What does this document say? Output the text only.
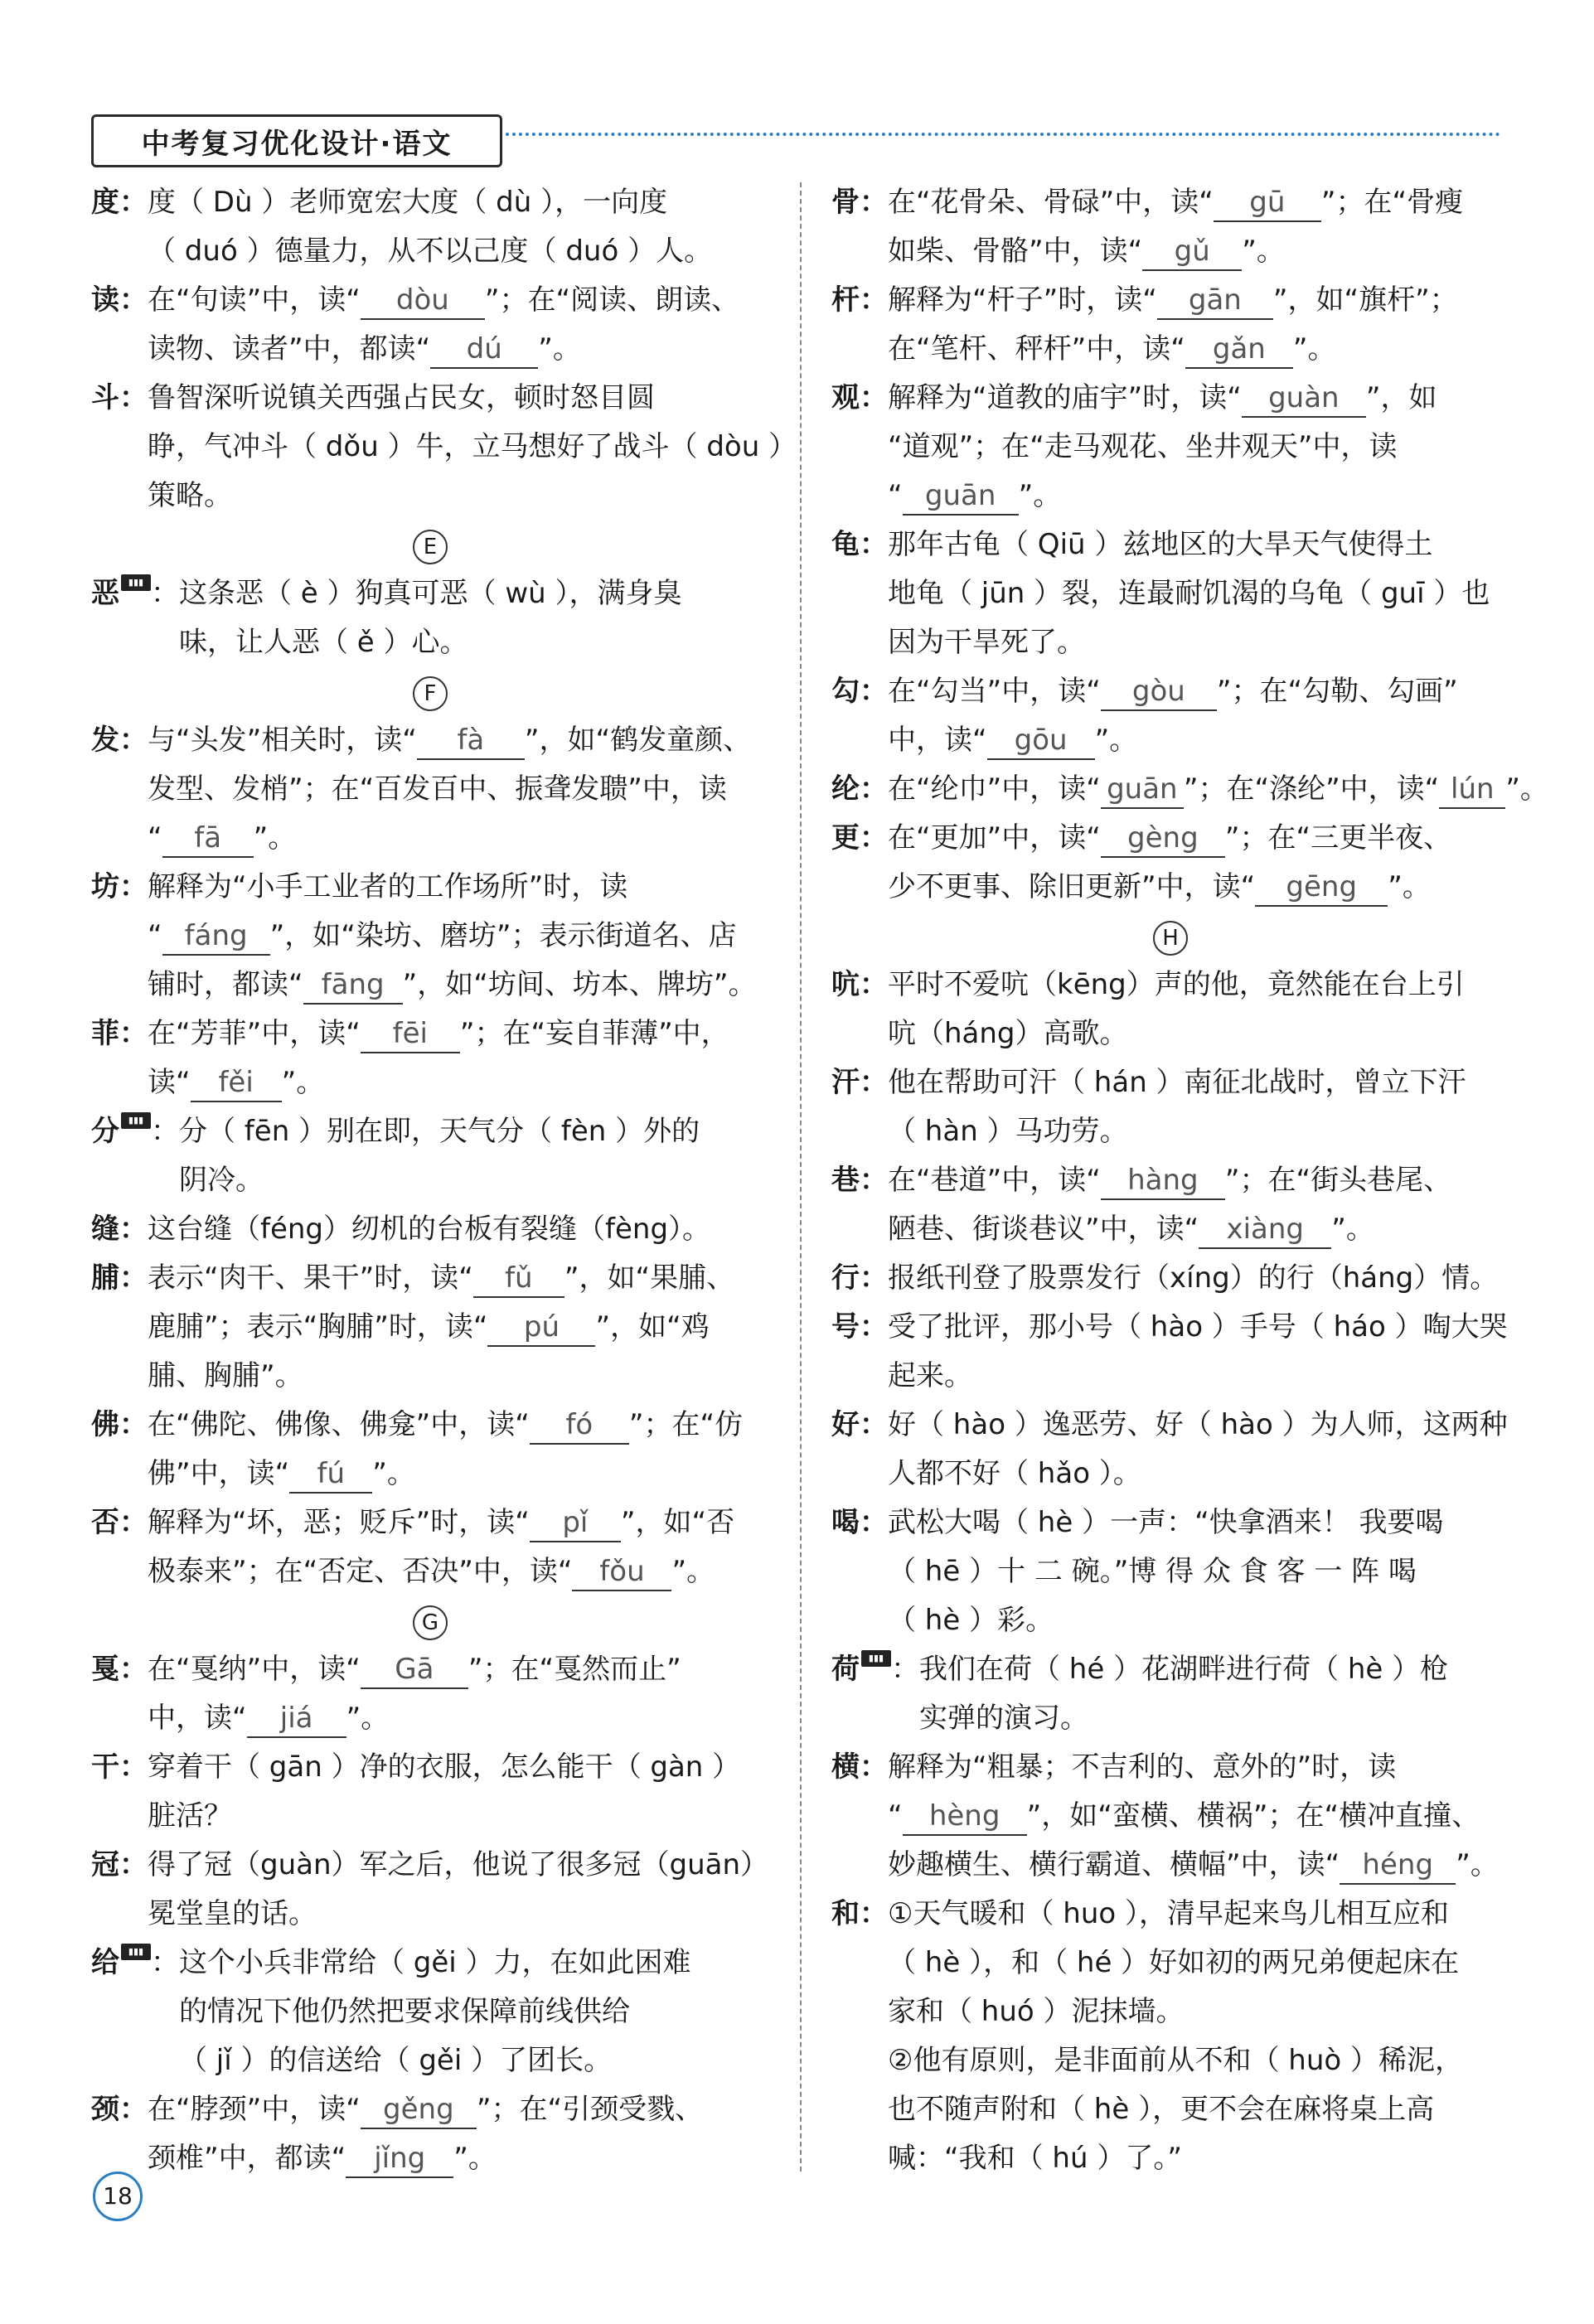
中考复习优化设计·语文
度 ： 度（ Dù ）老师宽宏大度（ dù ），一向度
（ duó ）德量力，从不以己度（ duó ）人。
读 ： 在“句读”中，读“ dòu ”；在“阅读、朗读、
读物、读者”中，都读“ dú ”。
斗 ： 鲁智深听说镇关西强占民女，顿时怒目圆
睁，气冲斗（ dǒu ）牛，立马想好了战斗（ dòu ）
策略。
E
恶 ▮▮▮ ：这条恶（ è ）狗真可恶（ wù ），满身臭
味，让人恶（ ě ）心。
F
发 ： 与“头发”相关时，读“ fà ”，如“鹤发童颜、
发型、发梢”；在“百发百中、振聋发聩”中，读
“ fā ”。
坊 ： 解释为“小手工业者的工作场所”时，读
“ fáng ”，如“染坊、磨坊”；表示街道名、店
铺时，都读“ fāng ”，如“坊间、坊本、牌坊”。
菲 ： 在“芳菲”中，读“ fēi ”；在“妄自菲薄”中，
读“ fěi ”。
分 ▮▮▮ ：分（ fēn ）别在即，天气分（ fèn ）外的
阴冷。
缝 ： 这台缝（féng）纫机的台板有裂缝（fèng）。
脯 ： 表示“肉干、果干”时，读“ fǔ ”，如“果脯、
鹿脯”；表示“胸脯”时，读“ pú ”，如“鸡
脯、胸脯”。
佛 ： 在“佛陀、佛像、佛龛”中，读“ fó ”；在“仿
佛”中，读“ fú ”。
否 ： 解释为“坏，恶；贬斥”时，读“ pǐ ”，如“否
极泰来”；在“否定、否决”中，读“ fǒu ”。
G
戛 ： 在“戛纳”中，读“ Gā ”；在“戛然而止”
中，读“ jiá ”。
干 ： 穿着干（ gān ）净的衣服，怎么能干（ gàn ）
脏活？
冠 ： 得了冠（guàn）军之后，他说了很多冠（guān）
冕堂皇的话。
给 ▮▮▮ ：这个小兵非常给（ gěi ）力，在如此困难
的情况下他仍然把要求保障前线供给
（ jǐ ）的信送给（ gěi ）了团长。
颈 ： 在“脖颈”中，读“ gěng ”；在“引颈受戮、
颈椎”中，都读“ jǐng ”。
骨 ： 在“花骨朵、骨碌”中，读“ gū ”；在“骨瘦
如柴、骨骼”中，读“ gǔ ”。
杆 ： 解释为“杆子”时，读“ gān ”，如“旗杆”；
在“笔杆、秤杆”中，读“ gǎn ”。
观 ： 解释为“道教的庙宇”时，读“ guàn ”，如
“道观”；在“走马观花、坐井观天”中，读
“ guān ”。
龟 ： 那年古龟（ Qiū ）兹地区的大旱天气使得土
地龟（ jūn ）裂，连最耐饥渴的乌龟（ guī ）也
因为干旱死了。
勾 ： 在“勾当”中，读“ gòu ”；在“勾勒、勾画”
中，读“ gōu ”。
纶 ： 在“纶巾”中，读“ guān ”；在“涤纶”中，读“ lún ”。
更 ： 在“更加”中，读“ gèng ”；在“三更半夜、
少不更事、除旧更新”中，读“ gēng ”。
H
吭 ： 平时不爱吭（kēng）声的他，竟然能在台上引
吭（háng）高歌。
汗 ： 他在帮助可汗（ hán ）南征北战时，曾立下汗
（ hàn ）马功劳。
巷 ： 在“巷道”中，读“ hàng ”；在“街头巷尾、
陋巷、街谈巷议”中，读“ xiàng ”。
行 ： 报纸刊登了股票发行（xíng）的行（háng）情。
号 ： 受了批评，那小号（ hào ）手号（ háo ）啕大哭
起来。
好 ： 好（ hào ）逸恶劳、好（ hào ）为人师，这两种
人都不好（ hǎo ）。
喝 ： 武松大喝（ hè ）一声：“快拿酒来！ 我要喝
（ hē ）十 二 碗。”博 得 众 食 客 一 阵 喝
（ hè ）彩。
荷 ▮▮▮ ：我们在荷（ hé ）花湖畔进行荷（ hè ）枪
实弹的演习。
横 ： 解释为“粗暴；不吉利的、意外的”时，读
“ hèng ”，如“蛮横、横祸”；在“横冲直撞、
妙趣横生、横行霸道、横幅”中，读“ héng ”。
和 ： ①天气暖和（ huo ），清早起来鸟儿相互应和
（ hè ），和（ hé ）好如初的两兄弟便起床在
家和（ huó ）泥抹墙。
②他有原则，是非面前从不和（ huò ）稀泥，
也不随声附和（ hè ），更不会在麻将桌上高
喊：“我和（ hú ）了。”
18
